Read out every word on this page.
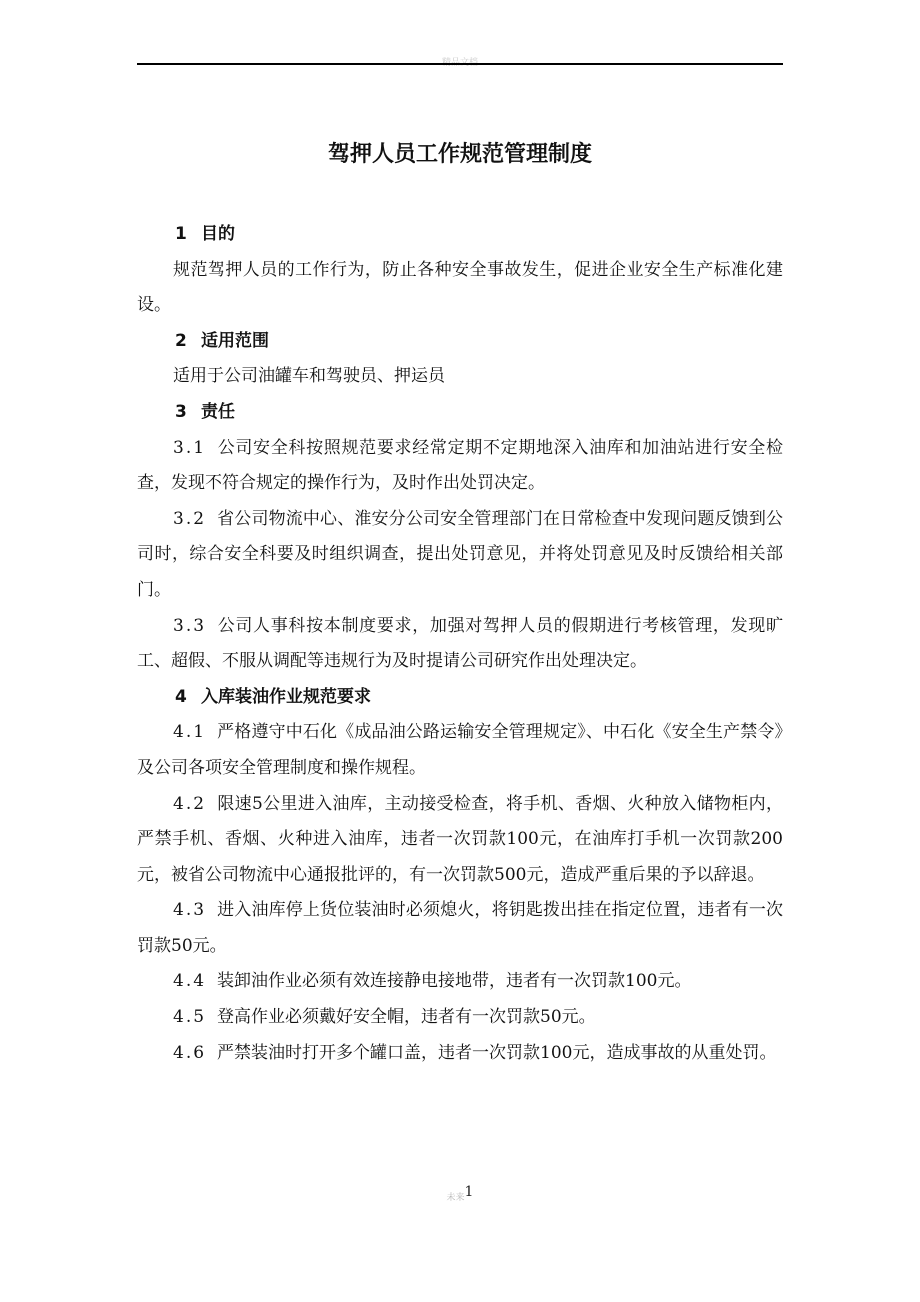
精品文档
驾押人员工作规范管理制度

1 目的

规范驾押人员的工作行为，防止各种安全事故发生，促进企业安全生产标准化建设。

2 适用范围

适用于公司油罐车和驾驶员、押运员

3 责任

3.1 公司安全科按照规范要求经常定期不定期地深入油库和加油站进行安全检查，发现不符合规定的操作行为，及时作出处罚决定。

3.2 省公司物流中心、淮安分公司安全管理部门在日常检查中发现问题反馈到公司时，综合安全科要及时组织调查，提出处罚意见，并将处罚意见及时反馈给相关部门。

3.3 公司人事科按本制度要求，加强对驾押人员的假期进行考核管理，发现旷工、超假、不服从调配等违规行为及时提请公司研究作出处理决定。

4 入库装油作业规范要求

4.1 严格遵守中石化《成品油公路运输安全管理规定》、中石化《安全生产禁令》及公司各项安全管理制度和操作规程。

4.2 限速5公里进入油库，主动接受检查，将手机、香烟、火种放入储物柜内，严禁手机、香烟、火种进入油库，违者一次罚款100元，在油库打手机一次罚款200元，被省公司物流中心通报批评的，有一次罚款500元，造成严重后果的予以辞退。

4.3 进入油库停上货位装油时必须熄火，将钥匙拨出挂在指定位置，违者有一次罚款50元。

4.4 装卸油作业必须有效连接静电接地带，违者有一次罚款100元。

4.5 登高作业必须戴好安全帽，违者有一次罚款50元。

4.6 严禁装油时打开多个罐口盖，违者一次罚款100元，造成事故的从重处罚。

未来1
